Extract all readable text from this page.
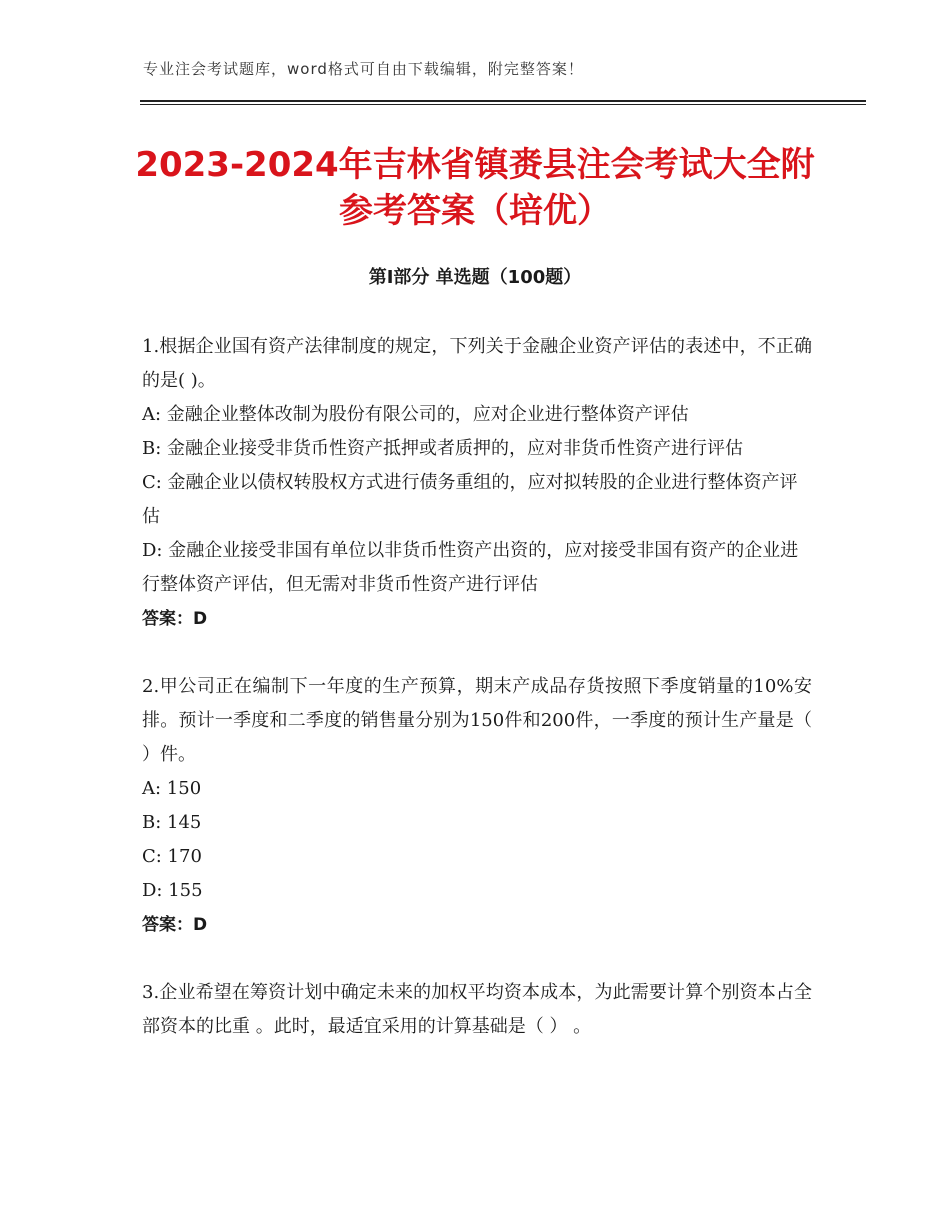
专业注会考试题库，word格式可自由下载编辑，附完整答案！
2023-2024年吉林省镇赉县注会考试大全附
参考答案（培优）
第Ⅰ部分 单选题（100题）

1.根据企业国有资产法律制度的规定，下列关于金融企业资产评估的表述中，不正确的是( )。

A: 金融企业整体改制为股份有限公司的，应对企业进行整体资产评估

B: 金融企业接受非货币性资产抵押或者质押的，应对非货币性资产进行评估

C: 金融企业以债权转股权方式进行债务重组的，应对拟转股的企业进行整体资产评估

D: 金融企业接受非国有单位以非货币性资产出资的，应对接受非国有资产的企业进行整体资产评估，但无需对非货币性资产进行评估

答案：D

2.甲公司正在编制下一年度的生产预算，期末产成品存货按照下季度销量的10%安排。预计一季度和二季度的销售量分别为150件和200件，一季度的预计生产量是（ ）件。

A: 150

B: 145

C: 170

D: 155

答案：D

3.企业希望在筹资计划中确定未来的加权平均资本成本，为此需要计算个别资本占全部资本的比重 。此时，最适宜采用的计算基础是（ ） 。
